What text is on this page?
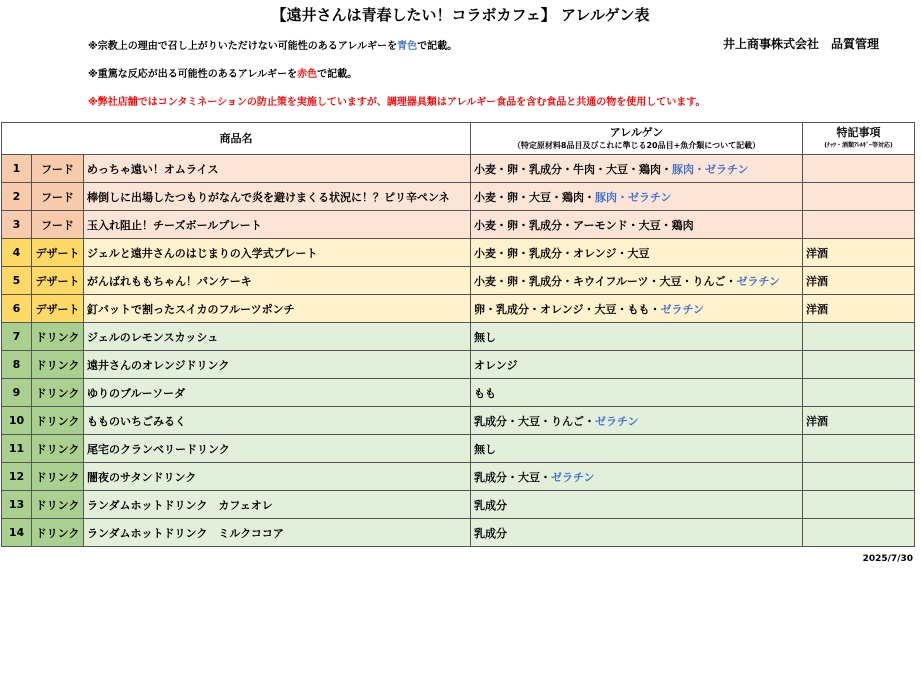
【遠井さんは青春したい！コラボカフェ】 アレルゲン表
※宗教上の理由で召し上がりいただけない可能性のあるアレルギーを青色で記載。
※重篤な反応が出る可能性のあるアレルギーを赤色で記載。
※弊社店舗ではコンタミネーションの防止策を実施していますが、調理器具類はアレルギー食品を含む食品と共通の物を使用しています。
井上商事株式会社　品質管理
商品名			アレルゲン
（特定原材料8品目及びこれに準じる20品目+魚介類について記載）	特記事項
(ﾅｯﾂ・酒類ｱﾚﾙｷﾞｰ等対応)

1	フード	めっちゃ遠い！オムライス	小麦・卵・乳成分・牛肉・大豆・鶏肉・豚肉・ゼラチン	
2	フード	棒倒しに出場したつもりがなんで炎を避けまくる状況に！？ピリ辛ペンネ	小麦・卵・大豆・鶏肉・豚肉・ゼラチン	
3	フード	玉入れ阻止！チーズボールプレート	小麦・卵・乳成分・アーモンド・大豆・鶏肉	
4	デザート	ジェルと遠井さんのはじまりの入学式プレート	小麦・卵・乳成分・オレンジ・大豆	洋酒
5	デザート	がんばれももちゃん！パンケーキ	小麦・卵・乳成分・キウイフルーツ・大豆・りんご・ゼラチン	洋酒
6	デザート	釘バットで割ったスイカのフルーツポンチ	卵・乳成分・オレンジ・大豆・もも・ゼラチン	洋酒
7	ドリンク	ジェルのレモンスカッシュ	無し	
8	ドリンク	遠井さんのオレンジドリンク	オレンジ	
9	ドリンク	ゆりのブルーソーダ	もも	
10	ドリンク	もものいちごみるく	乳成分・大豆・りんご・ゼラチン	洋酒
11	ドリンク	尾宅のクランベリードリンク	無し	
12	ドリンク	闇夜のサタンドリンク	乳成分・大豆・ゼラチン	
13	ドリンク	ランダムホットドリンク　カフェオレ	乳成分	
14	ドリンク	ランダムホットドリンク　ミルクココア	乳成分	
2025/7/30
